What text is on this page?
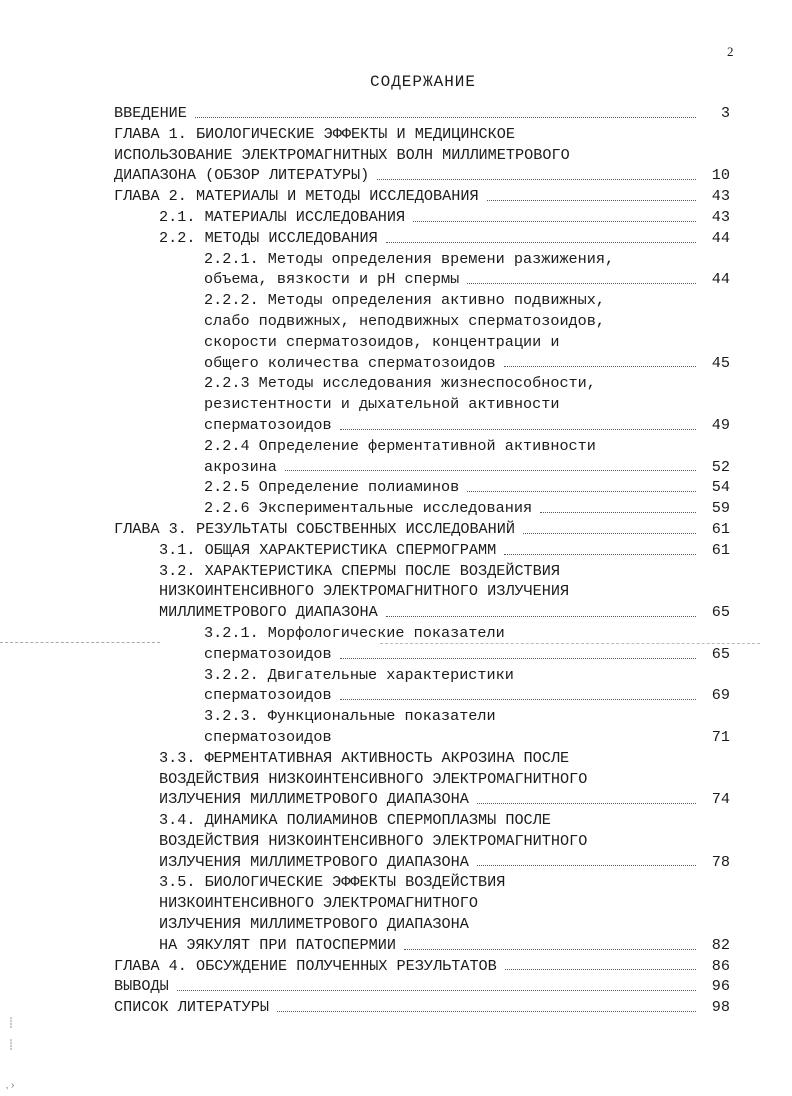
2
СОДЕРЖАНИЕ
ВВЕДЕНИЕ	3
ГЛАВА 1. БИОЛОГИЧЕСКИЕ ЭФФЕКТЫ И МЕДИЦИНСКОЕ
ИСПОЛЬЗОВАНИЕ ЭЛЕКТРОМАГНИТНЫХ ВОЛН МИЛЛИМЕТРОВОГО
ДИАПАЗОНА (ОБЗОР ЛИТЕРАТУРЫ)	10
ГЛАВА 2. МАТЕРИАЛЫ И МЕТОДЫ ИССЛЕДОВАНИЯ	43
2.1. МАТЕРИАЛЫ ИССЛЕДОВАНИЯ	43
2.2. МЕТОДЫ ИССЛЕДОВАНИЯ	44
2.2.1. Методы определения времени разжижения,
объема, вязкости и рН спермы	44
2.2.2. Методы определения активно подвижных,
слабо подвижных, неподвижных сперматозоидов,
скорости сперматозоидов, концентрации и
общего количества сперматозоидов	45
2.2.3 Методы исследования жизнеспособности,
резистентности и дыхательной активности
сперматозоидов	49
2.2.4 Определение ферментативной активности
акрозина	52
2.2.5 Определение полиаминов	54
2.2.6 Экспериментальные исследования	59
ГЛАВА 3. РЕЗУЛЬТАТЫ СОБСТВЕННЫХ ИССЛЕДОВАНИЙ	61
3.1. ОБЩАЯ ХАРАКТЕРИСТИКА СПЕРМОГРАММ	61
3.2. ХАРАКТЕРИСТИКА СПЕРМЫ ПОСЛЕ ВОЗДЕЙСТВИЯ
НИЗКОИНТЕНСИВНОГО ЭЛЕКТРОМАГНИТНОГО ИЗЛУЧЕНИЯ
МИЛЛИМЕТРОВОГО ДИАПАЗОНА	65
3.2.1. Морфологические показатели
сперматозоидов	65
3.2.2. Двигательные характеристики
сперматозоидов	69
3.2.3. Функциональные показатели
сперматозоидов	71
3.3. ФЕРМЕНТАТИВНАЯ АКТИВНОСТЬ АКРОЗИНА ПОСЛЕ
ВОЗДЕЙСТВИЯ НИЗКОИНТЕНСИВНОГО ЭЛЕКТРОМАГНИТНОГО
ИЗЛУЧЕНИЯ МИЛЛИМЕТРОВОГО ДИАПАЗОНА	74
3.4. ДИНАМИКА ПОЛИАМИНОВ СПЕРМОПЛАЗМЫ ПОСЛЕ
ВОЗДЕЙСТВИЯ НИЗКОИНТЕНСИВНОГО ЭЛЕКТРОМАГНИТНОГО
ИЗЛУЧЕНИЯ МИЛЛИМЕТРОВОГО ДИАПАЗОНА	78
3.5. БИОЛОГИЧЕСКИЕ ЭФФЕКТЫ ВОЗДЕЙСТВИЯ
НИЗКОИНТЕНСИВНОГО ЭЛЕКТРОМАГНИТНОГО
ИЗЛУЧЕНИЯ МИЛЛИМЕТРОВОГО ДИАПАЗОНА
НА ЭЯКУЛЯТ ПРИ ПАТОСПЕРМИИ	82
ГЛАВА 4. ОБСУЖДЕНИЕ ПОЛУЧЕННЫХ РЕЗУЛЬТАТОВ	86
ВЫВОДЫ	96
СПИСОК ЛИТЕРАТУРЫ	98
┊
┊
‚ ›
